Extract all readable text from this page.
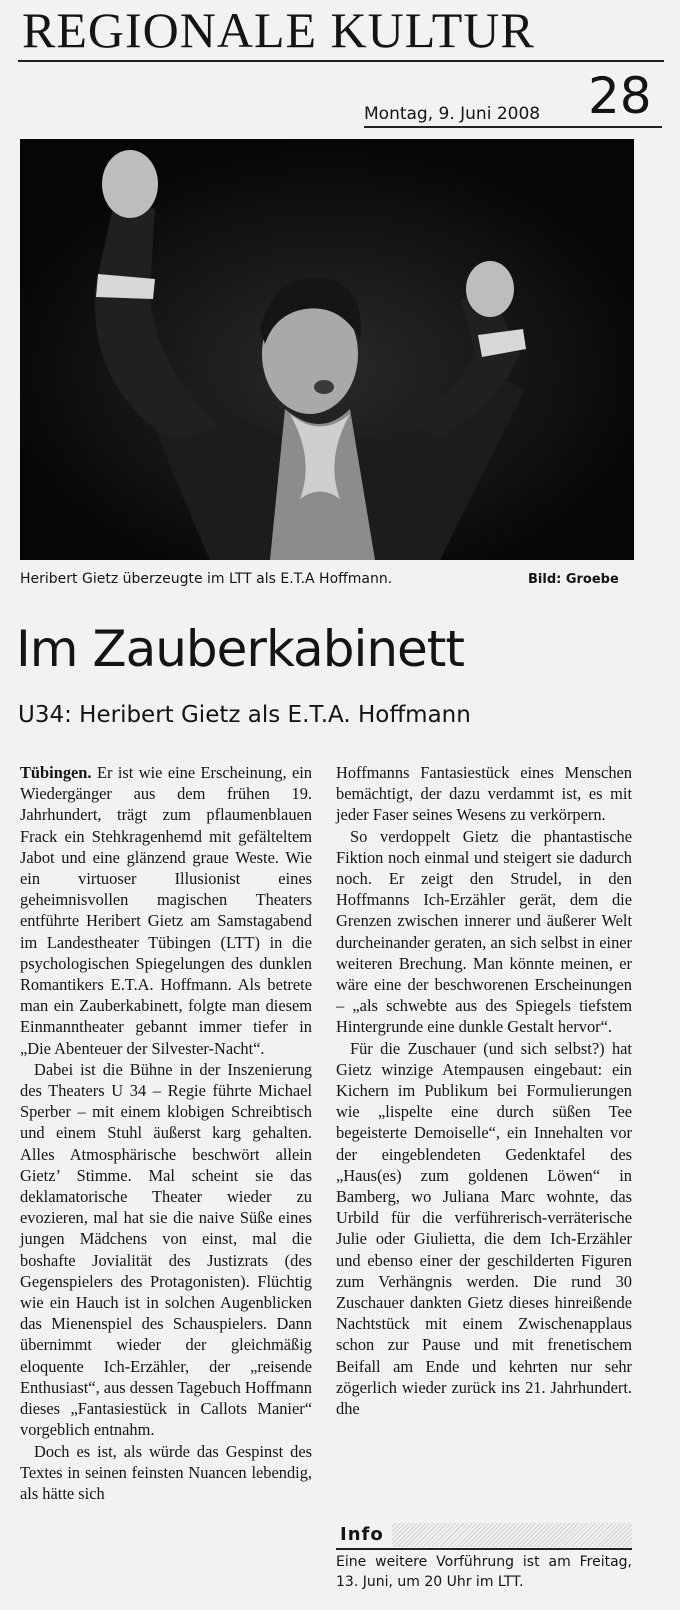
REGIONALE KULTUR
Montag, 9. Juni 2008 28
Heribert Gietz überzeugte im LTT als E.T.A Hoffmann.	Bild: Groebe
Im Zauberkabinett
U34: Heribert Gietz als E.T.A. Hoffmann

Tübingen. Er ist wie eine Erscheinung, ein Wiedergänger aus dem frühen 19. Jahrhundert, trägt zum pflaumenblauen Frack ein Stehkragenhemd mit gefälteltem Jabot und eine glänzend graue Weste. Wie ein virtuoser Illusionist eines geheimnisvollen magischen Theaters entführte Heribert Gietz am Samstagabend im Landestheater Tübingen (LTT) in die psychologischen Spiegelungen des dunklen Romantikers E.T.A. Hoffmann. Als betrete man ein Zauberkabinett, folgte man diesem Einmanntheater gebannt immer tiefer in „Die Abenteuer der Silvester-Nacht“.

Dabei ist die Bühne in der Inszenierung des Theaters U 34 – Regie führte Michael Sperber – mit einem klobigen Schreibtisch und einem Stuhl äußerst karg gehalten. Alles Atmosphärische beschwört allein Gietz’ Stimme. Mal scheint sie das deklamatorische Theater wieder zu evozieren, mal hat sie die naive Süße eines jungen Mädchens von einst, mal die boshafte Jovialität des Justizrats (des Gegenspielers des Protagonisten). Flüchtig wie ein Hauch ist in solchen Augenblicken das Mienenspiel des Schauspielers. Dann übernimmt wieder der gleichmäßig eloquente Ich-Erzähler, der „reisende Enthusiast“, aus dessen Tagebuch Hoffmann dieses „Fantasiestück in Callots Manier“ vorgeblich entnahm.

Doch es ist, als würde das Gespinst des Textes in seinen feinsten Nuancen lebendig, als hätte sich

Hoffmanns Fantasiestück eines Menschen bemächtigt, der dazu verdammt ist, es mit jeder Faser seines Wesens zu verkörpern.

So verdoppelt Gietz die phantastische Fiktion noch einmal und steigert sie dadurch noch. Er zeigt den Strudel, in den Hoffmanns Ich-Erzähler gerät, dem die Grenzen zwischen innerer und äußerer Welt durcheinander geraten, an sich selbst in einer weiteren Brechung. Man könnte meinen, er wäre eine der beschworenen Erscheinungen – „als schwebte aus des Spiegels tiefstem Hintergrunde eine dunkle Gestalt hervor“.

Für die Zuschauer (und sich selbst?) hat Gietz winzige Atempausen eingebaut: ein Kichern im Publikum bei Formulierungen wie „lispelte eine durch süßen Tee begeisterte Demoiselle“, ein Innehalten vor der eingeblendeten Gedenktafel des „Haus(es) zum goldenen Löwen“ in Bamberg, wo Juliana Marc wohnte, das Urbild für die verführerisch-verräterische Julie oder Giulietta, die dem Ich-Erzähler und ebenso einer der geschilderten Figuren zum Verhängnis werden. Die rund 30 Zuschauer dankten Gietz dieses hinreißende Nachtstück mit einem Zwischenapplaus schon zur Pause und mit frenetischem Beifall am Ende und kehrten nur sehr zögerlich wieder zurück ins 21. Jahrhundert. dhe

Info
Eine weitere Vorführung ist am Freitag, 13. Juni, um 20 Uhr im LTT.
